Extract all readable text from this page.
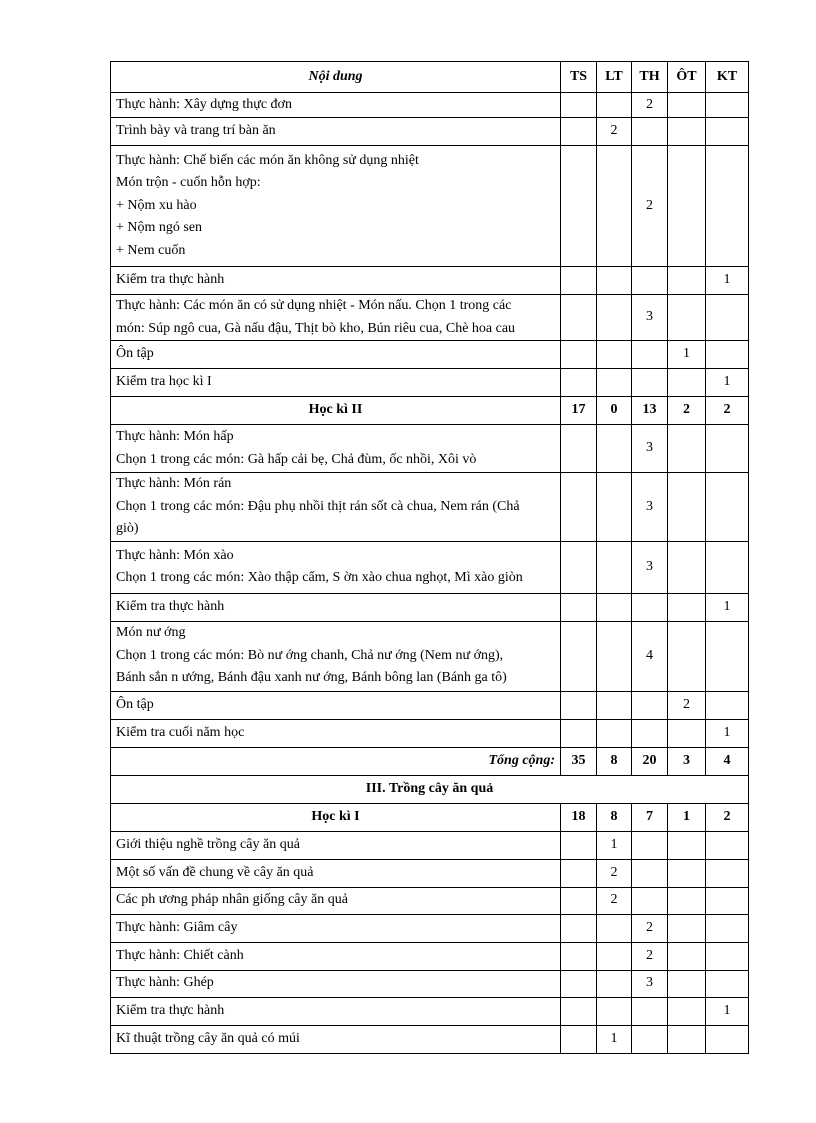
Nội dung	TS	LT	TH	ÔT	KT

Thực hành: Xây dựng thực đơn			2		

Trình bày và trang trí bàn ăn		2			

Thực hành: Chế biến các món ăn không sử dụng nhiệt
Món trộn - cuốn hỗn hợp:
+ Nộm xu hào
+ Nộm ngó sen
+ Nem cuốn			2		

Kiểm tra thực hành					1

Thực hành: Các món ăn có sử dụng nhiệt - Món nấu. Chọn 1 trong các
món: Súp ngô cua, Gà nấu đậu, Thịt bò kho, Bún riêu cua, Chè hoa cau			3		

Ôn tập				1	

Kiểm tra học kì I					1
Học kì II	17	0	13	2	2

Thực hành: Món hấp
Chọn 1 trong các món: Gà hấp cải bẹ, Chả đùm, ốc nhồi, Xôi vò			3		

Thực hành: Món rán
Chọn 1 trong các món: Đậu phụ nhồi thịt rán sốt cà chua, Nem rán (Chả
giò)			3		

Thực hành: Món xào
Chọn 1 trong các món: Xào thập cẩm, S ờn xào chua nghọt, Mì xào giòn			3		

Kiểm tra thực hành					1

Món nư ớng
Chọn 1 trong các món: Bò nư ớng chanh, Chả nư ớng (Nem nư ớng),
Bánh sắn n ướng, Bánh đậu xanh nư ớng, Bánh bông lan (Bánh ga tô)			4		

Ôn tập				2	

Kiểm tra cuối năm học					1
Tổng cộng:	35	8	20	3	4
III. Trồng cây ăn quả					
Học kì I	18	8	7	1	2

Giới thiệu nghề trồng cây ăn quả		1			

Một số vấn đề chung về cây ăn quả		2			

Các ph ương pháp nhân giống cây ăn quả		2			

Thực hành: Giâm cây			2		

Thực hành: Chiết cành			2		

Thực hành: Ghép			3		

Kiểm tra thực hành					1

Kĩ thuật trồng cây ăn quả có múi		1			
